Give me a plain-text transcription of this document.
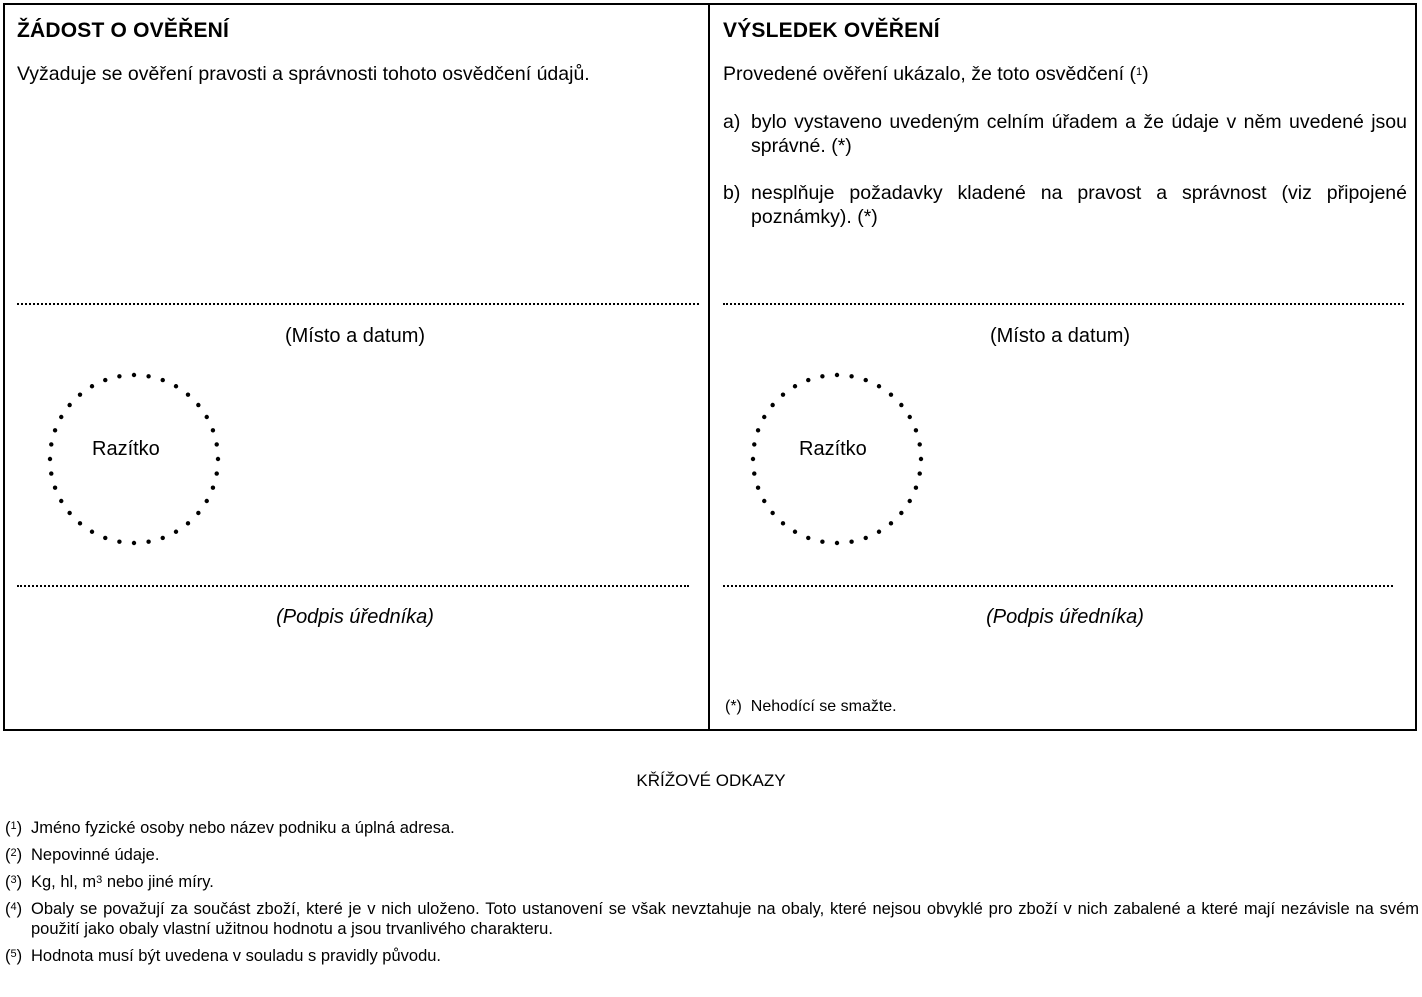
ŽÁDOST O OVĚŘENÍ
Vyžaduje se ověření pravosti a správnosti tohoto osvědčení údajů.
(Místo a datum)
Razítko
(Podpis úředníka)
VÝSLEDEK OVĚŘENÍ
Provedené ověření ukázalo, že toto osvědčení ($^1$)
a) bylo vystaveno uvedeným celním úřadem a že údaje v něm uvedené jsou správné. (*)
b) nesplňuje požadavky kladené na pravost a správnost (viz připojené poznámky). (*)
(Místo a datum)
Razítko
(Podpis úředníka)
(*) Nehodící se smažte.
KŘÍŽOVÉ ODKAZY
($^1$) Jméno fyzické osoby nebo název podniku a úplná adresa.
($^2$) Nepovinné údaje.
($^3$) Kg, hl, $m^3$ nebo jiné míry.
($^4$) Obaly se považují za součást zboží, které je v nich uloženo. Toto ustanovení se však nevztahuje na obaly, které nejsou obvyklé pro zboží v nich zabalené a které mají nezávisle na svém použití jako obaly vlastní užitnou hodnotu a jsou trvanlivého charakteru.
($^5$) Hodnota musí být uvedena v souladu s pravidly původu.
